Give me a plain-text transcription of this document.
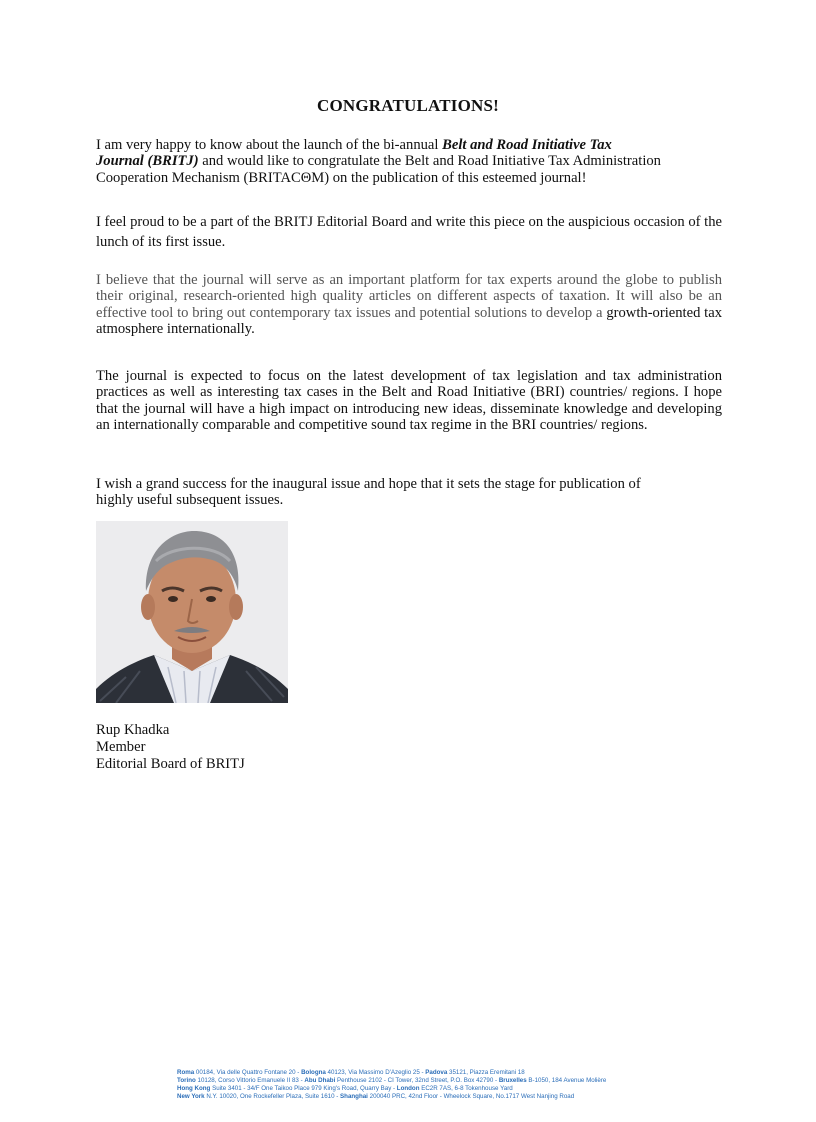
CONGRATULATIONS!
I am very happy to know about the launch of the bi-annual Belt and Road Initiative Tax
Journal (BRITJ) and would like to congratulate the Belt and Road Initiative Tax Administration
Cooperation Mechanism (BRITACΘM) on the publication of this esteemed journal!
I feel proud to be a part of the BRITJ Editorial Board and write this piece on the auspicious occasion of the lunch of its first issue.
I believe that the journal will serve as an important platform for tax experts around the globe to publish their original, research-oriented high quality articles on different aspects of taxation. It will also be an effective tool to bring out contemporary tax issues and potential solutions to develop a growth-oriented tax atmosphere internationally.
The journal is expected to focus on the latest development of tax legislation and tax administration practices as well as interesting tax cases in the Belt and Road Initiative (BRI) countries/ regions. I hope that the journal will have a high impact on introducing new ideas, disseminate knowledge and developing an internationally comparable and competitive sound tax regime in the BRI countries/ regions.
I wish a grand success for the inaugural issue and hope that it sets the stage for publication of
highly useful subsequent issues.
Rup Khadka
Member
Editorial Board of BRITJ
Roma 00184, Via delle Quattro Fontane 20 - Bologna 40123, Via Massimo D'Azeglio 25 - Padova 35121, Piazza Eremitani 18
Torino 10128, Corso Vittorio Emanuele II 83 - Abu Dhabi Penthouse 2102 - CI Tower, 32nd Street, P.O. Box 42790 - Bruxelles B-1050, 184 Avenue Molière
Hong Kong Suite 3401 - 34/F One Taikoo Place 979 King's Road, Quarry Bay - London EC2R 7AS, 6-8 Tokenhouse Yard
New York N.Y. 10020, One Rockefeller Plaza, Suite 1610 - Shanghai 200040 PRC, 42nd Floor - Wheelock Square, No.1717 West Nanjing Road
